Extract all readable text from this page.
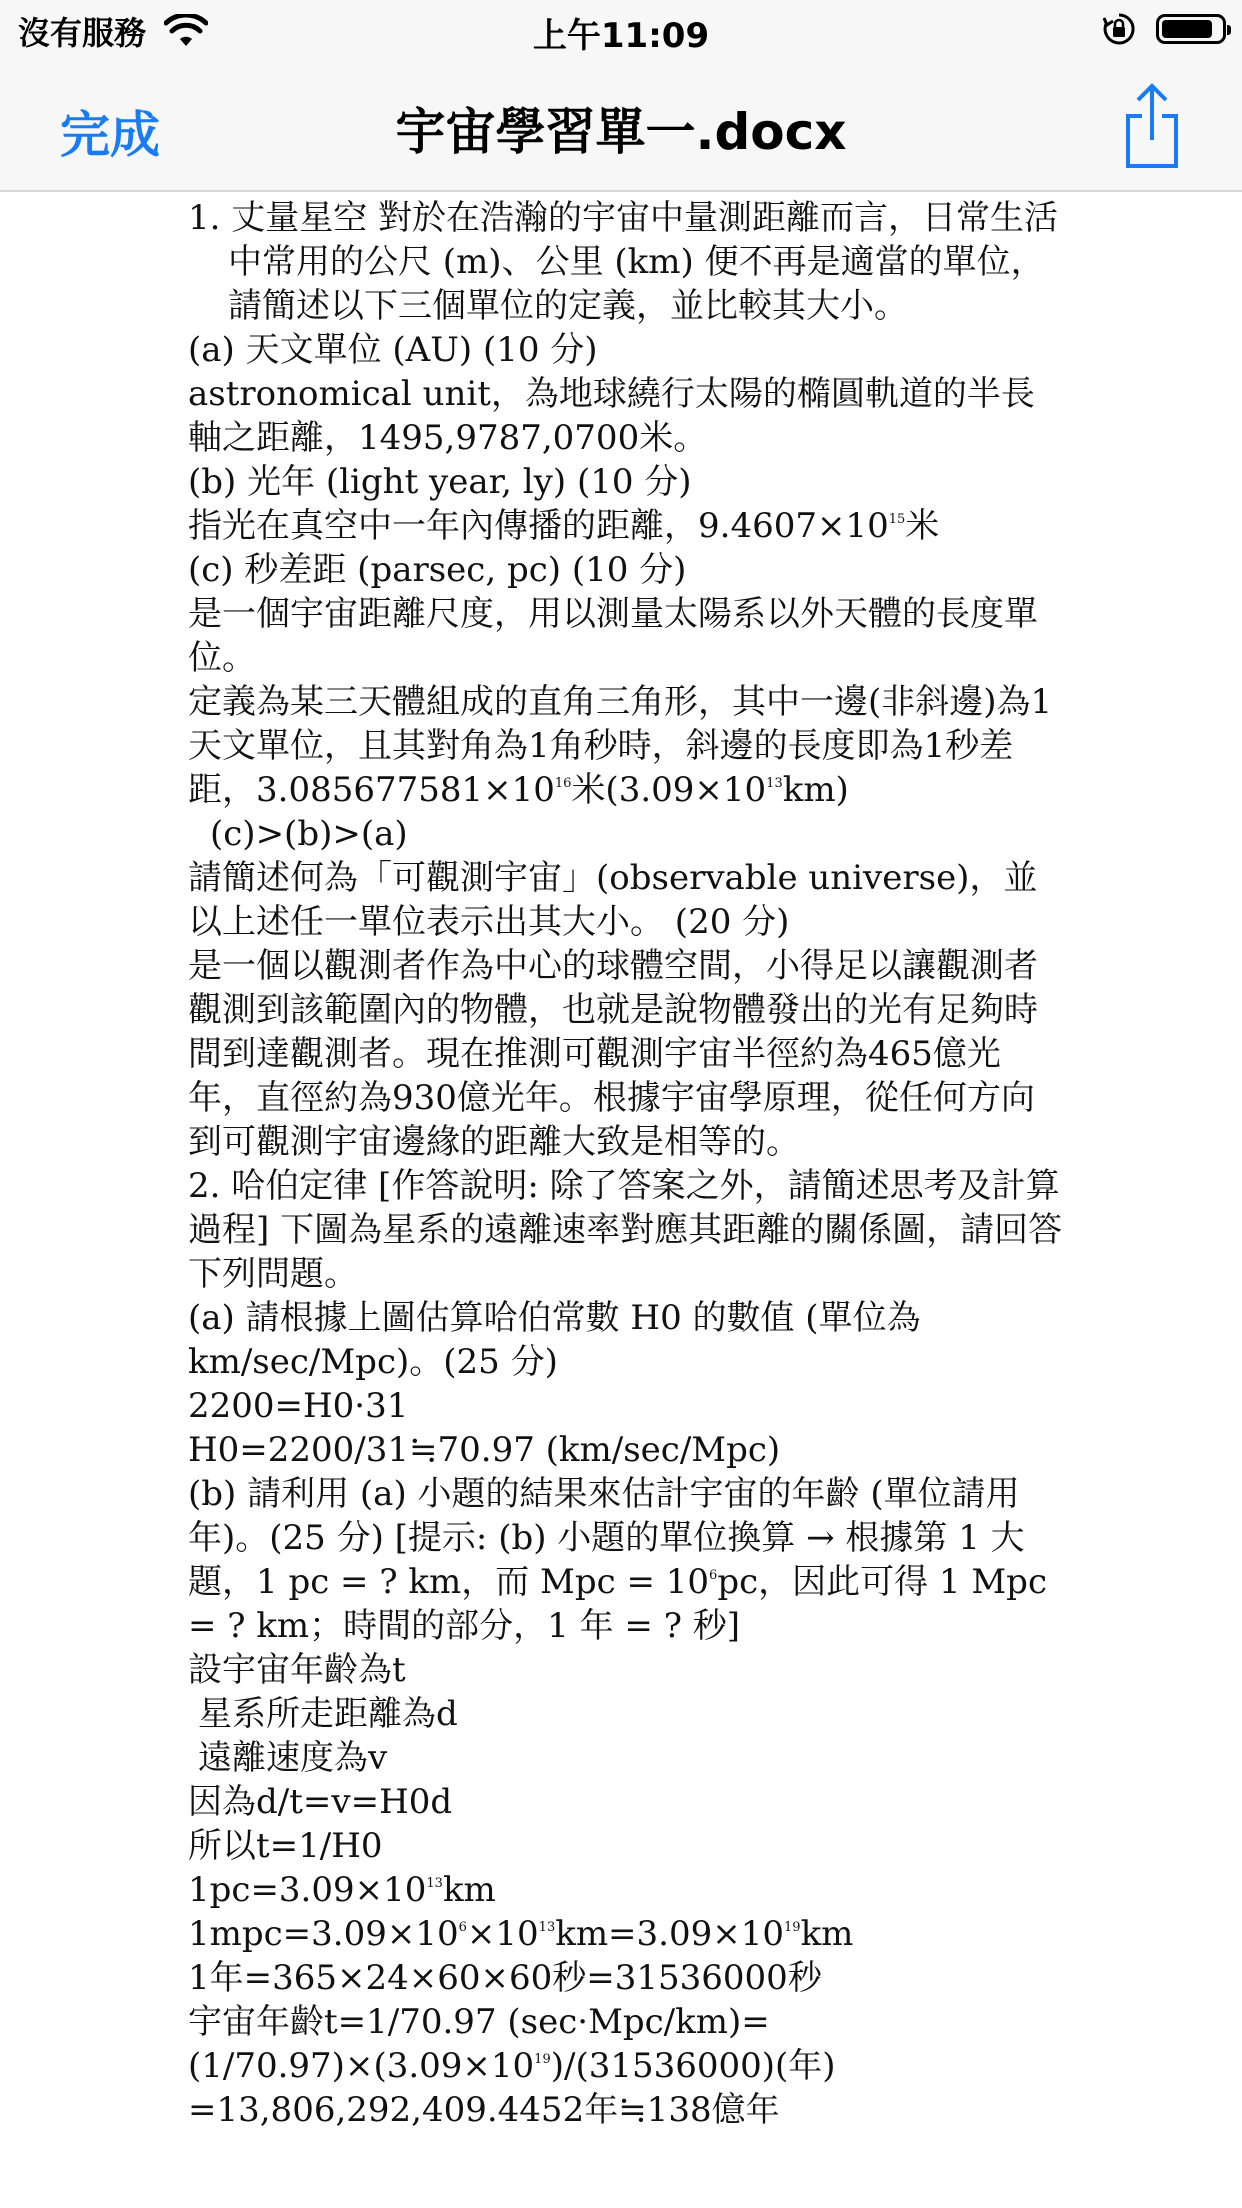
沒有服務	上午11:09
完成	宇宙學習單一.docx

1. 丈量星空 對於在浩瀚的宇宙中量測距離而言，日常生活中常用的公尺 (m)、公里 (km) 便不再是適當的單位，請簡述以下三個單位的定義，並比較其大小。

(a) 天文單位 (AU) (10 分)

astronomical unit，為地球繞行太陽的橢圓軌道的半長軸之距離，1495,9787,0700米。

(b) 光年 (light year, ly) (10 分)

指光在真空中一年內傳播的距離，$9.4607\times 10^{15}$米

(c) 秒差距 (parsec, pc) (10 分)

是一個宇宙距離尺度，用以測量太陽系以外天體的長度單位。

定義為某三天體組成的直角三角形，其中一邊(非斜邊)為1天文單位，且其對角為1角秒時，斜邊的長度即為1秒差距，$3.085677581\times 10^{16}$米$(3.09\times 10^{13}km)$

(c)>(b)>(a)

請簡述何為「可觀測宇宙」(observable universe)，並以上述任一單位表示出其大小。 (20 分)

是一個以觀測者作為中心的球體空間，小得足以讓觀測者觀測到該範圍內的物體，也就是說物體發出的光有足夠時間到達觀測者。現在推測可觀測宇宙半徑約為465億光年，直徑約為930億光年。根據宇宙學原理，從任何方向到可觀測宇宙邊緣的距離大致是相等的。

2. 哈伯定律 [作答說明: 除了答案之外，請簡述思考及計算過程] 下圖為星系的遠離速率對應其距離的關係圖，請回答下列問題。

(a) 請根據上圖估算哈伯常數 H0 的數值 (單位為 km/sec/Mpc)。(25 分)

2200=H0·31

H0=2200/31≒70.97 (km/sec/Mpc)

(b) 請利用 (a) 小題的結果來估計宇宙的年齡 (單位請用年)。(25 分) [提示: (b) 小題的單位換算 → 根據第 1 大題，1 pc = ? km，而 Mpc = $10^6pc$，因此可得 1 Mpc = ? km；時間的部分，1 年 = ? 秒]

設宇宙年齡為t

星系所走距離為d

遠離速度為v

因為d/t=v=H0d

所以t=1/H0

$1pc=3.09\times 10^{13}km$

$1mpc=3.09\times 10^6\times 10^{13}km=3.09\times 10^{19}km$

1年=365×24×60×60秒=31536000秒

宇宙年齡t=1/70.97 (sec·Mpc/km)=

$(1/70.97)\times(3.09\times 10^{19})/(31536000)$(年)

=13,806,292,409.4452年≒138億年
